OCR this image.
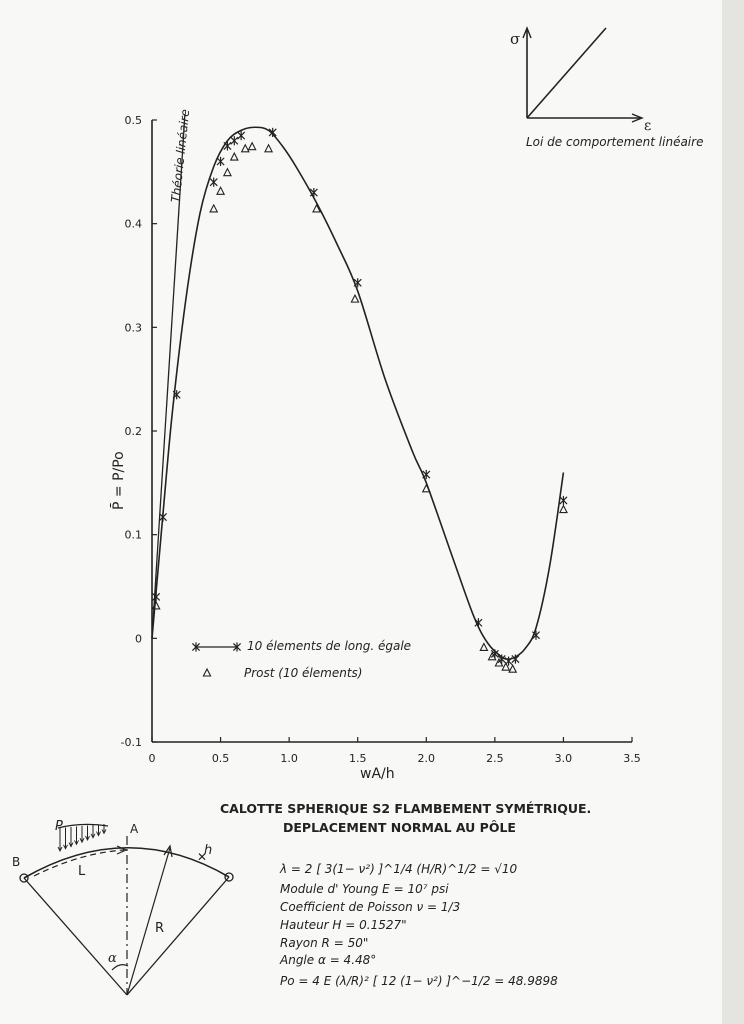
σ
ε
Loi de comportement linéaire
0	0.5	1.0	1.5	2.0	2.5	3.0	3.5
-0.1
0
0.1
0.2
0.3
0.4
0.5 Théorie linéaire
P̄ = P/Po
wA/h
10 élements de long. égale
Prost (10 élements)
CALOTTE SPHERIQUE S2 FLAMBEMENT SYMÉTRIQUE.
DEPLACEMENT NORMAL AU PÔLE
P	A
B
h
L
R
α
✕
λ = 2 [ 3(1− ν²) ]^1/4 (H/R)^1/2 = √10
Module d' Young E = 10⁷ psi
Coefficient de Poisson ν = 1/3
Hauteur H = 0.1527"
Rayon R = 50"
Angle α = 4.48°
Po = 4 E (λ/R)² [ 12 (1− ν²) ]^−1/2 = 48.9898
